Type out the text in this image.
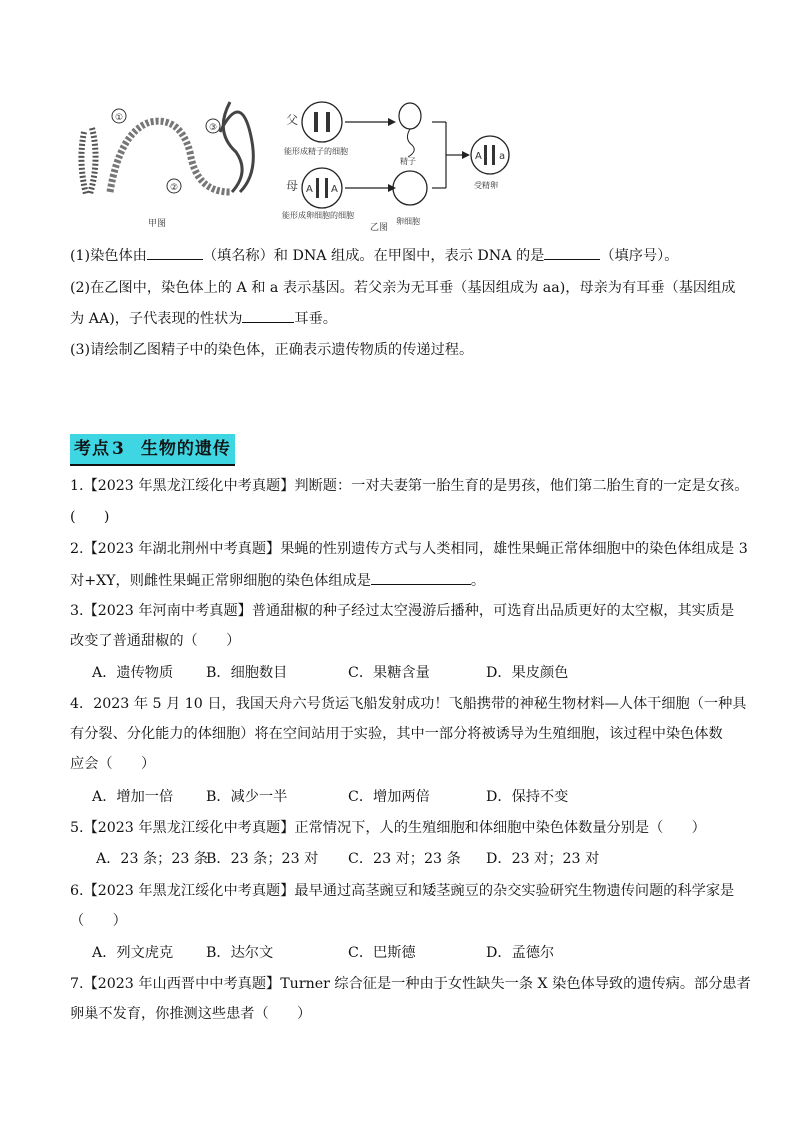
①
②
③
甲图
父
能形成精子的细胞
精子
母 A A
能形成卵细胞的细胞
卵细胞
A a
受精卵
乙图
(1)染色体由	（填名称）和 DNA 组成。在甲图中，表示 DNA 的是	（填序号）。
(2)在乙图中，染色体上的 A 和 a 表示基因。若父亲为无耳垂（基因组成为 aa)，母亲为有耳垂（基因组成
为 AA)，子代表现的性状为	耳垂。
(3)请绘制乙图精子中的染色体，正确表示遗传物质的传递过程。
考点 3 生物的遗传
1.【2023 年黑龙江绥化中考真题】判断题：一对夫妻第一胎生育的是男孩，他们第二胎生育的一定是女孩。
(　　)
2.【2023 年湖北荆州中考真题】果蝇的性别遗传方式与人类相同，雄性果蝇正常体细胞中的染色体组成是 3
对+XY，则雌性果蝇正常卵细胞的染色体组成是	。
3.【2023 年河南中考真题】普通甜椒的种子经过太空漫游后播种，可选育出品质更好的太空椒，其实质是
改变了普通甜椒的（　　）
A．遗传物质 B．细胞数目	C．果糖含量	D．果皮颜色
4．2023 年 5 月 10 日，我国天舟六号货运飞船发射成功！飞船携带的神秘生物材料—人体干细胞（一种具
有分裂、分化能力的体细胞）将在空间站用于实验，其中一部分将被诱导为生殖细胞，该过程中染色体数
应会（　　）
A．增加一倍 B．减少一半	C．增加两倍	D．保持不变
5.【2023 年黑龙江绥化中考真题】正常情况下，人的生殖细胞和体细胞中染色体数量分别是（　　）
A．23 条；23 条
B．23 条；23 对 C．23 对；23 条 D．23 对；23 对
6.【2023 年黑龙江绥化中考真题】最早通过高茎豌豆和矮茎豌豆的杂交实验研究生物遗传问题的科学家是
（　　）
A．列文虎克 B．达尔文	C．巴斯德	D．孟德尔
7.【2023 年山西晋中中考真题】Turner 综合征是一种由于女性缺失一条 X 染色体导致的遗传病。部分患者
卵巢不发育，你推测这些患者（　　）
